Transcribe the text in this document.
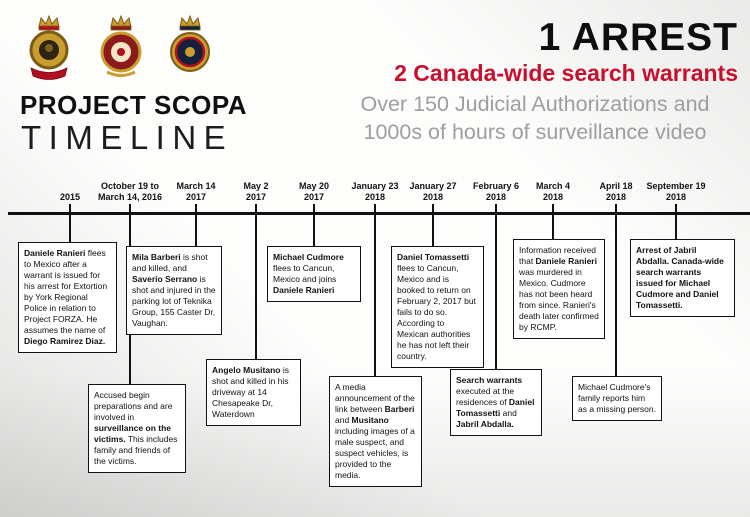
PROJECT SCOPA
TIMELINE
1 ARREST
2 Canada-wide search warrants
Over 150 Judicial Authorizations and
1000s of hours of surveillance video
2015
Daniele Ranieri flees to Mexico after a warrant is issued for his arrest for Extortion by York Regional Police in relation to Project FORZA. He assumes the name of Diego Ramirez Diaz.
October 19 to
March 14, 2016
Accused begin preparations and are involved in surveillance on the victims. This includes family and friends of the victims.
March 14
2017
Mila Barberi is shot and killed, and Saverio Serrano is shot and injured in the parking lot of Teknika Group, 155 Caster Dr, Vaughan.
May 2
2017
Angelo Musitano is shot and killed in his driveway at 14 Chesapeake Dr, Waterdown
May 20
2017
Michael Cudmore flees to Cancun, Mexico and joins Daniele Ranieri
January 23
2018
A media announcement of the link between Barberi and Musitano including images of a male suspect, and suspect vehicles, is provided to the media.
January 27
2018
Daniel Tomassetti flees to Cancun, Mexico and is booked to return on February 2, 2017 but fails to do so. According to Mexican authorities he has not left their country.
February 6
2018
Search warrants executed at the residences of Daniel Tomassetti and Jabril Abdalla.
March 4
2018
Information received that Daniele Ranieri was murdered in Mexico. Cudmore has not been heard from since. Ranieri's death later confirmed by RCMP.
April 18
2018
Michael Cudmore's family reports him as a missing person.
September 19
2018
Arrest of Jabril Abdalla. Canada-wide search warrants issued for Michael Cudmore and Daniel Tomassetti.
